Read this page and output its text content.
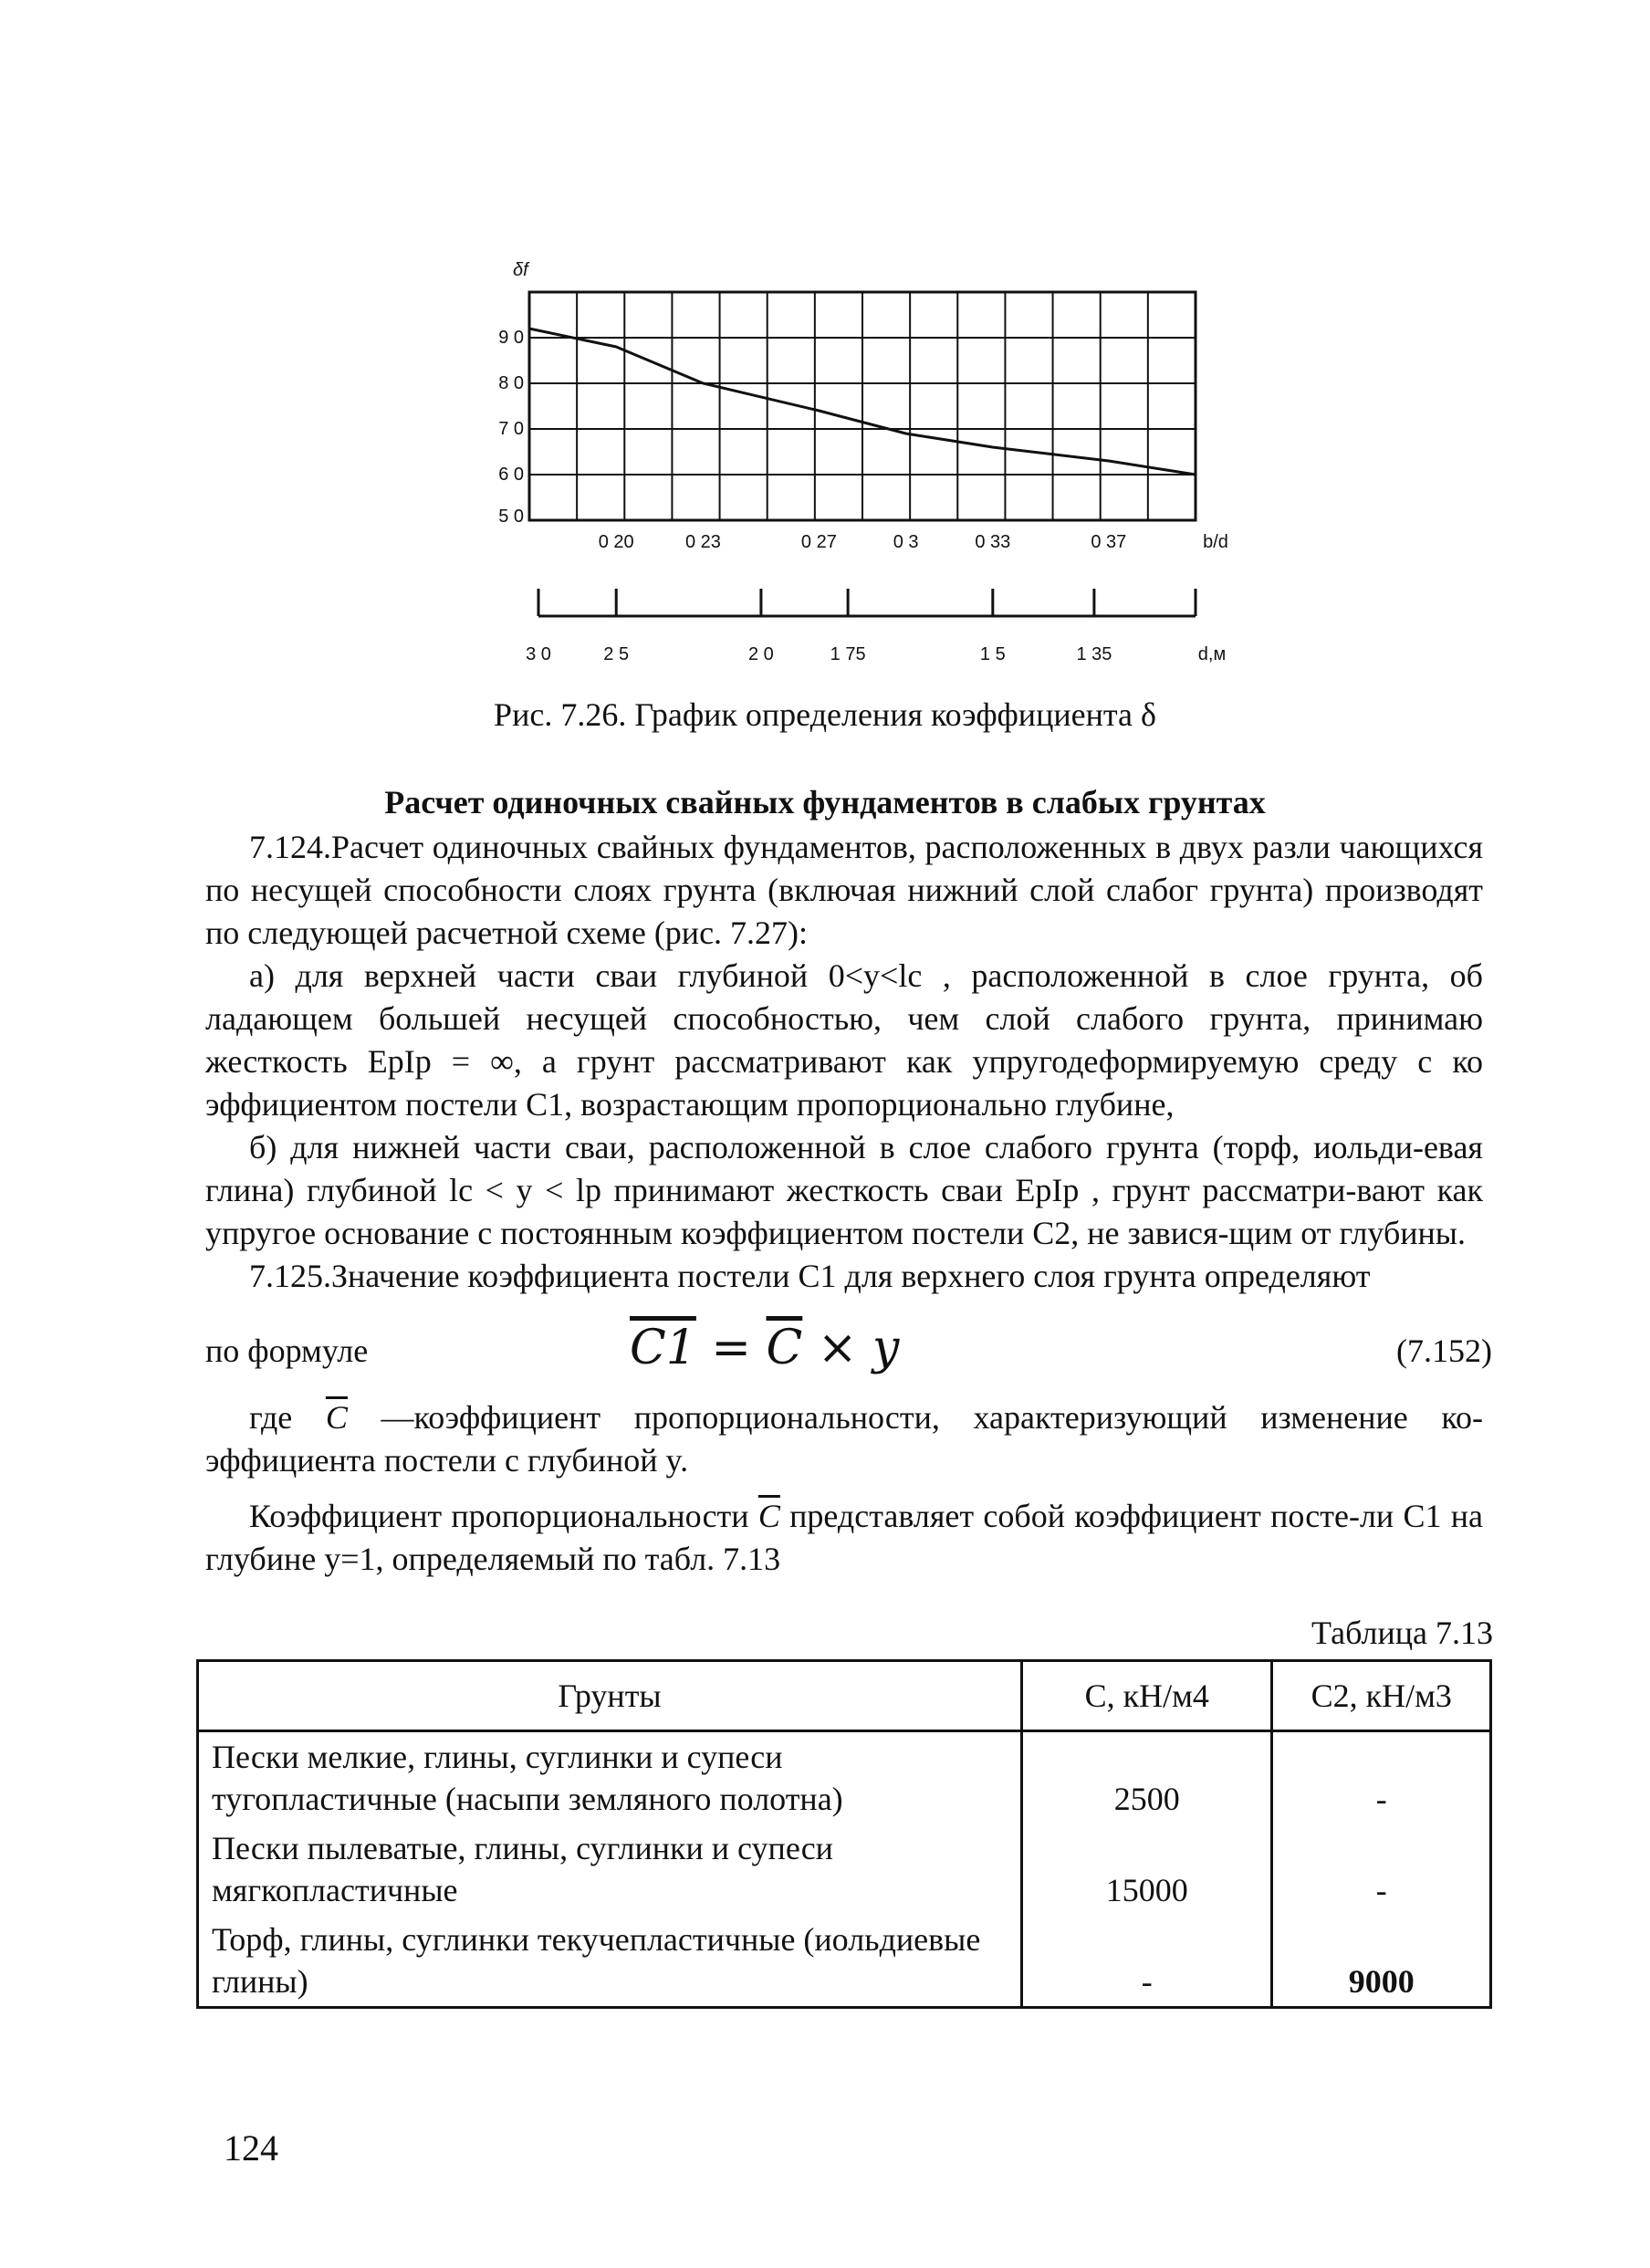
9 0
8 0
7 0
6 0
5 0
δf
0 20	0 23	0 27	0 3	0 33	0 37	b/d
3 0	2 5	2 0	1 75	1 5	1 35	d,м
Рис. 7.26. График определения коэффициента δ
Расчет одиночных свайных фундаментов в слабых грунтах

7.124.Расчет одиночных свайных фундаментов, расположенных в двух разли чающихся по несущей способности слоях грунта (включая нижний слой слабог грунта) производят по следующей расчетной схеме (рис. 7.27):

а) для верхней части сваи глубиной 0<y<lс , расположенной в слое грунта, об ладающем большей несущей способностью, чем слой слабого грунта, принимаю жесткость EрIр = ∞, а грунт рассматривают как упругодеформируемую среду с ко эффициентом постели C1, возрастающим пропорционально глубине,

б) для нижней части сваи, расположенной в слое слабого грунта (торф, иольди-евая глина) глубиной lс < y < lр принимают жесткость сваи EрIр , грунт рассматри-вают как упругое основание с постоянным коэффициентом постели C2, не завися-щим от глубины.

7.125.Значение коэффициента постели C1 для верхнего слоя грунта определяют

по формуле	$C1 = \overline{C} \times y$	(7.152)

где $\overline{C}$ —коэффициент пропорциональности, характеризующий изменение ко-эффициента постели с глубиной y.

Коэффициент пропорциональности $\overline{C}$ представляет собой коэффициент посте-ли C1 на глубине y=1, определяемый по табл. 7.13

Таблица 7.13
Грунты	C, кН/м4	C2, кН/м3
Пески мелкие, глины, суглинки и супеси тугопластичные (насыпи земляного полотна)	2500	-
Пески пылеватые, глины, суглинки и супеси мягкопластичные	15000	-
Торф, глины, суглинки текучепластичные (иольдиевые глины)	-	9000
124
